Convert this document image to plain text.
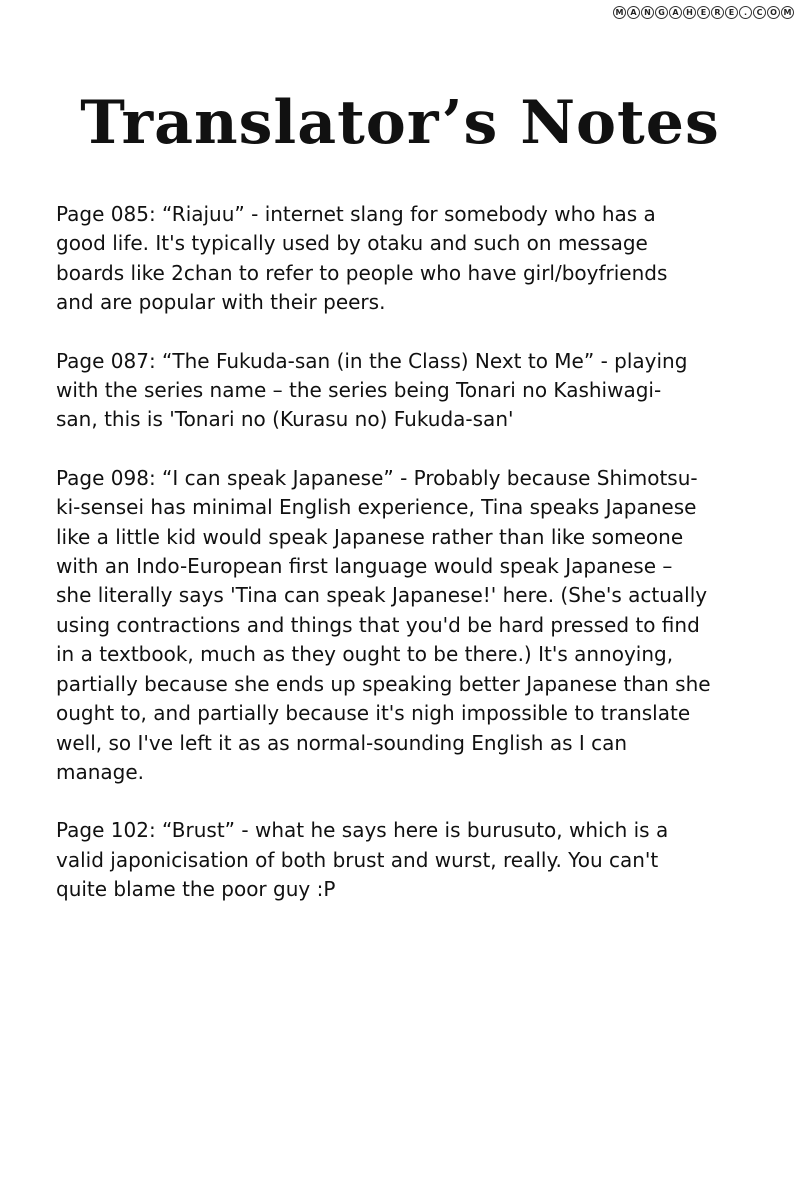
M A N G A H E	R	E	.	C O M
Translator’s Notes

Page 085: “Riajuu” - internet slang for somebody who has a
good life. It's typically used by otaku and such on message
boards like 2chan to refer to people who have girl/boyfriends
and are popular with their peers.

Page 087: “The Fukuda-san (in the Class) Next to Me” - playing
with the series name – the series being Tonari no Kashiwagi-
san, this is 'Tonari no (Kurasu no) Fukuda-san'

Page 098: “I can speak Japanese” - Probably because Shimotsu-
ki-sensei has minimal English experience, Tina speaks Japanese
like a little kid would speak Japanese rather than like someone
with an Indo-European first language would speak Japanese –
she literally says 'Tina can speak Japanese!' here. (She's actually
using contractions and things that you'd be hard pressed to find
in a textbook, much as they ought to be there.) It's annoying,
partially because she ends up speaking better Japanese than she
ought to, and partially because it's nigh impossible to translate
well, so I've left it as as normal-sounding English as I can
manage.

Page 102: “Brust” - what he says here is burusuto, which is a
valid japonicisation of both brust and wurst, really. You can't
quite blame the poor guy :P
